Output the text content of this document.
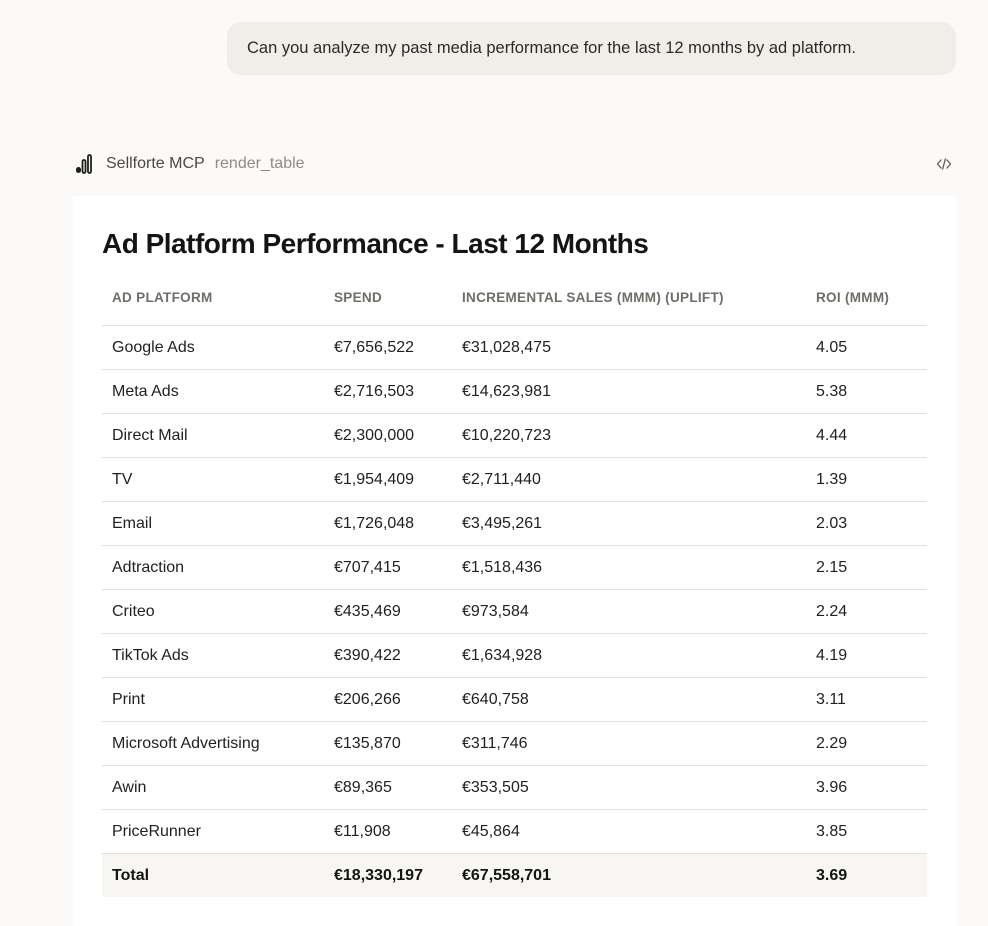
Can you analyze my past media performance for the last 12 months by ad platform.
Sellforte MCP render_table
Ad Platform Performance - Last 12 Months
AD PLATFORM	SPEND	INCREMENTAL SALES (MMM) (UPLIFT)	ROI (MMM)

Google Ads	€7,656,522	€31,028,475	4.05
Meta Ads	€2,716,503	€14,623,981	5.38
Direct Mail	€2,300,000	€10,220,723	4.44
TV	€1,954,409	€2,711,440	1.39
Email	€1,726,048	€3,495,261	2.03
Adtraction	€707,415	€1,518,436	2.15
Criteo	€435,469	€973,584	2.24
TikTok Ads	€390,422	€1,634,928	4.19
Print	€206,266	€640,758	3.11
Microsoft Advertising	€135,870	€311,746	2.29
Awin	€89,365	€353,505	3.96
PriceRunner	€11,908	€45,864	3.85
Total	€18,330,197	€67,558,701	3.69
